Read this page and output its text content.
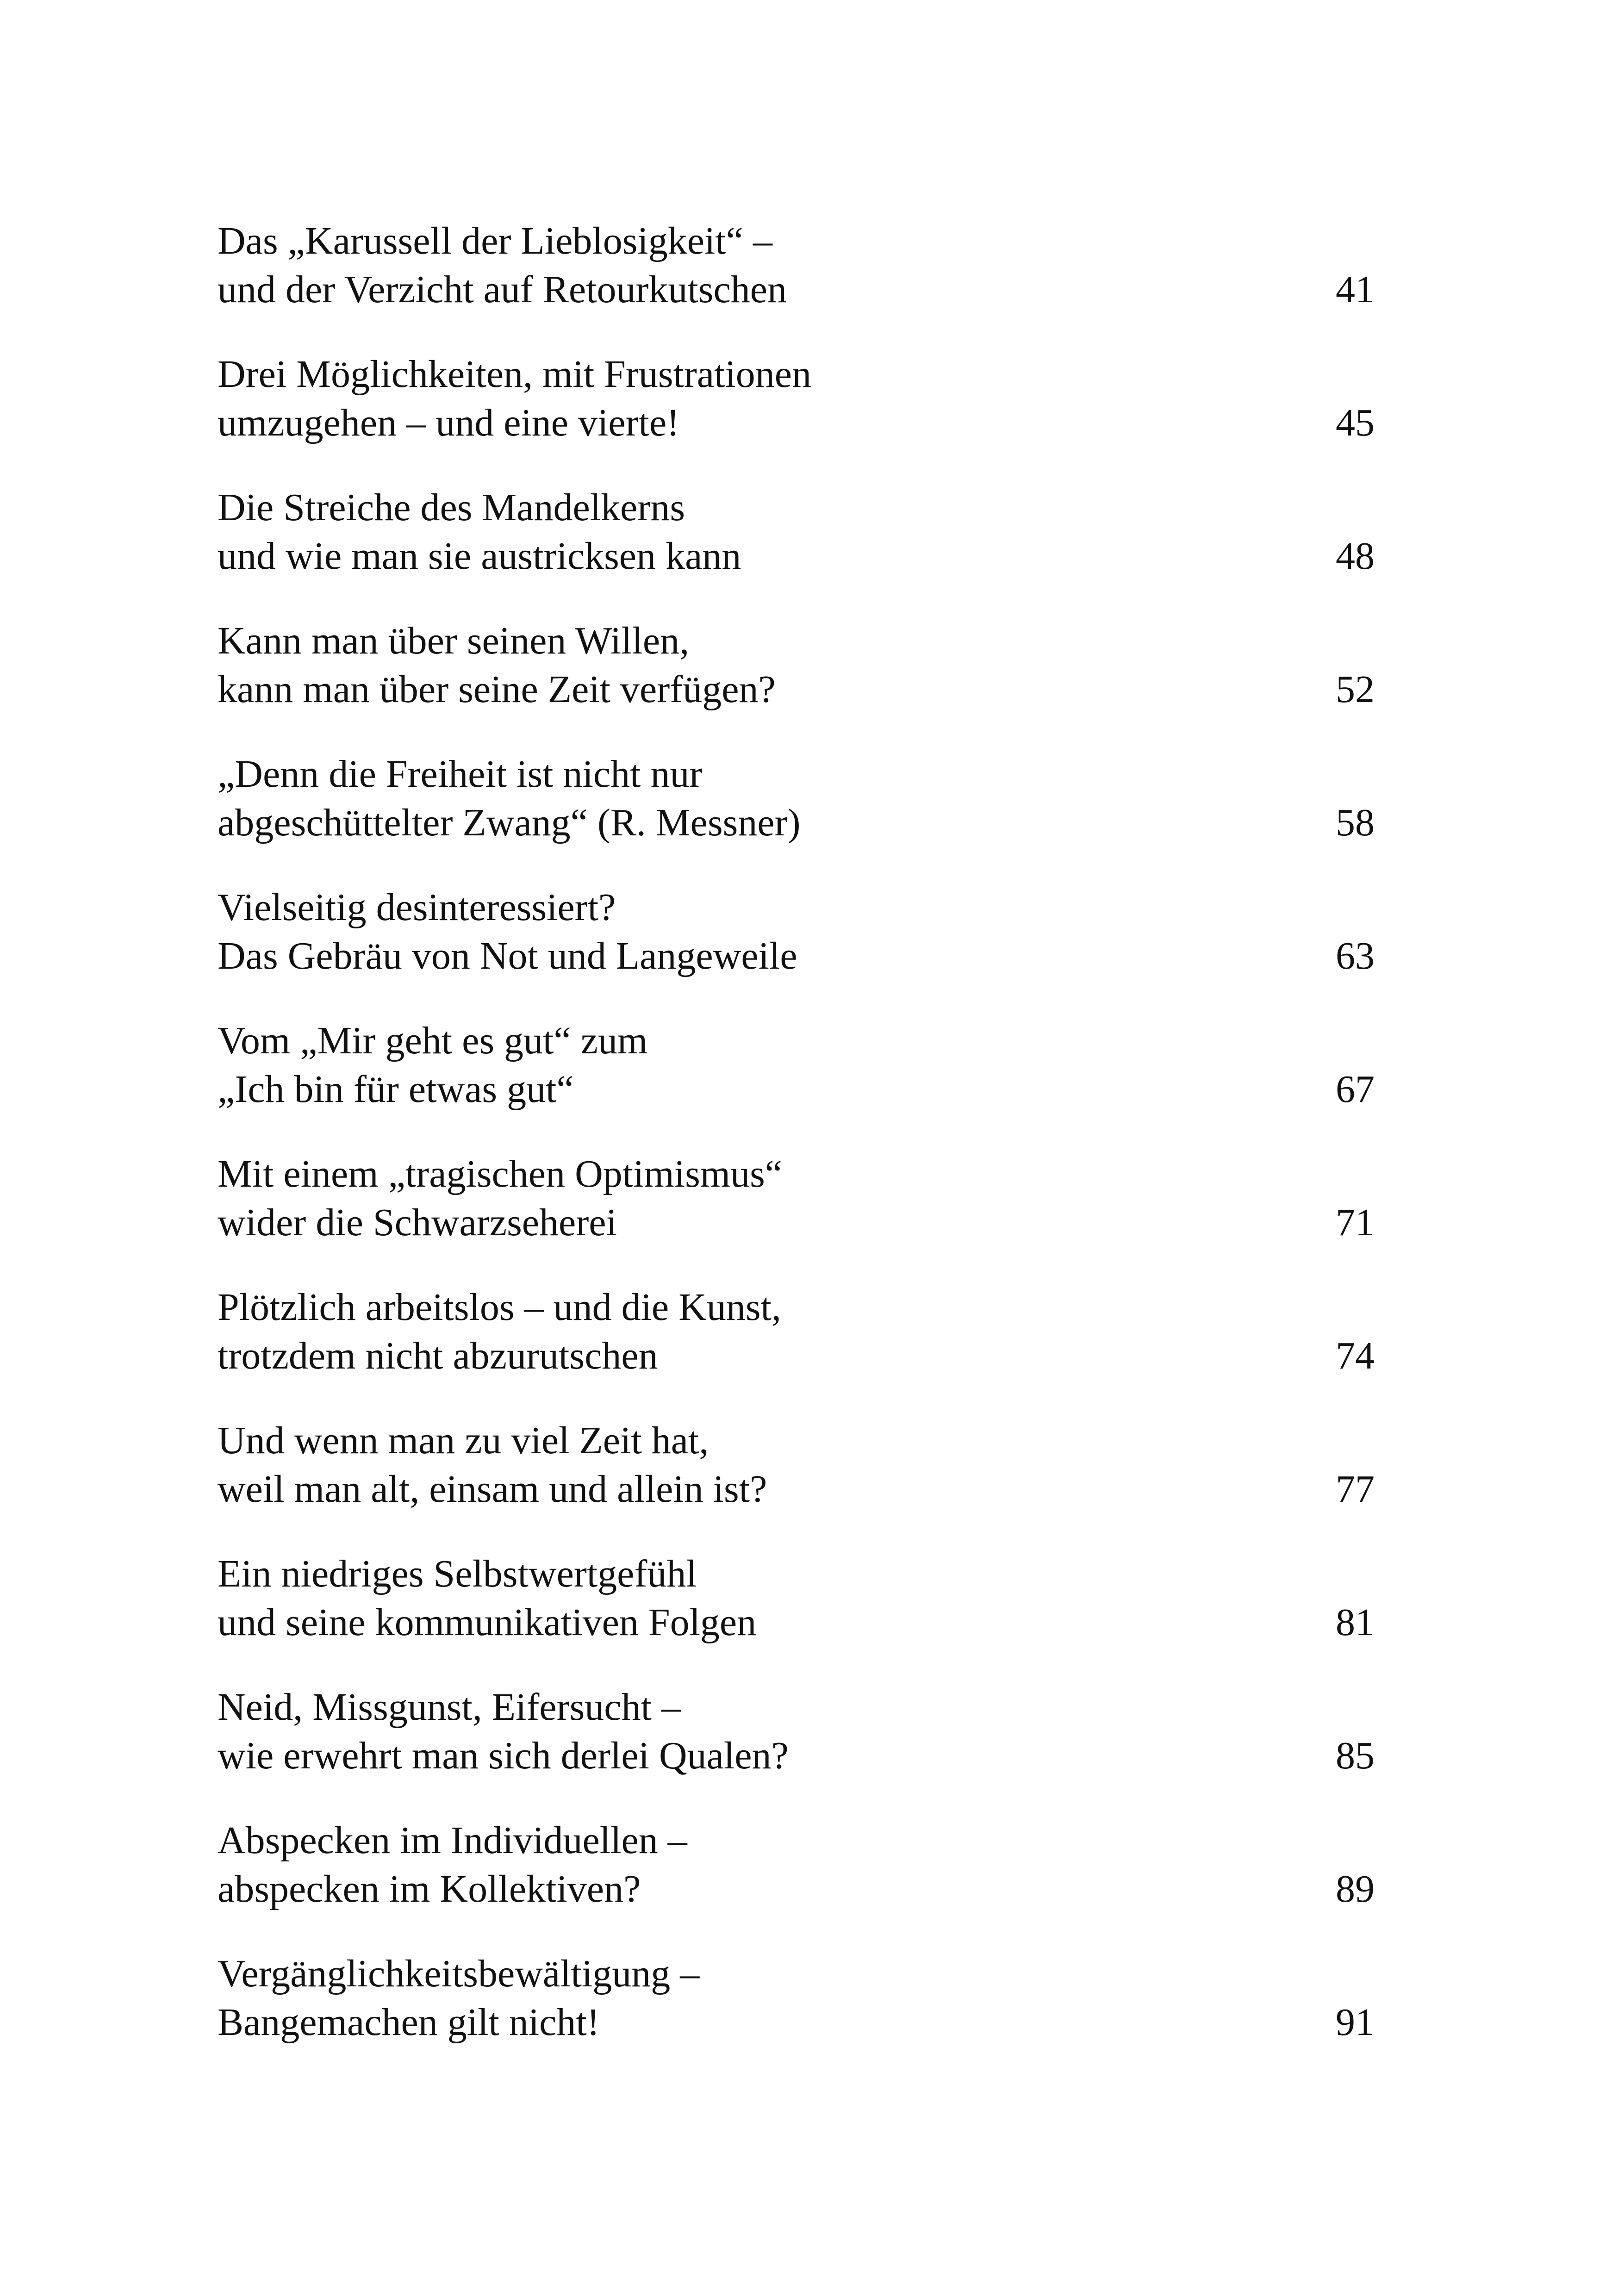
Das „Karussell der Lieblosigkeit“ –
und der Verzicht auf Retourkutschen	41
Drei Möglichkeiten, mit Frustrationen
umzugehen – und eine vierte!	45
Die Streiche des Mandelkerns
und wie man sie austricksen kann	48
Kann man über seinen Willen,
kann man über seine Zeit verfügen?	52
„Denn die Freiheit ist nicht nur
abgeschüttelter Zwang“ (R. Messner)	58
Vielseitig desinteressiert?
Das Gebräu von Not und Langeweile	63
Vom „Mir geht es gut“ zum
„Ich bin für etwas gut“	67
Mit einem „tragischen Optimismus“
wider die Schwarzseherei	71
Plötzlich arbeitslos – und die Kunst,
trotzdem nicht abzurutschen	74
Und wenn man zu viel Zeit hat,
weil man alt, einsam und allein ist?	77
Ein niedriges Selbstwertgefühl
und seine kommunikativen Folgen	81
Neid, Missgunst, Eifersucht –
wie erwehrt man sich derlei Qualen?	85
Abspecken im Individuellen –
abspecken im Kollektiven?	89
Vergänglichkeitsbewältigung –
Bangemachen gilt nicht!	91
